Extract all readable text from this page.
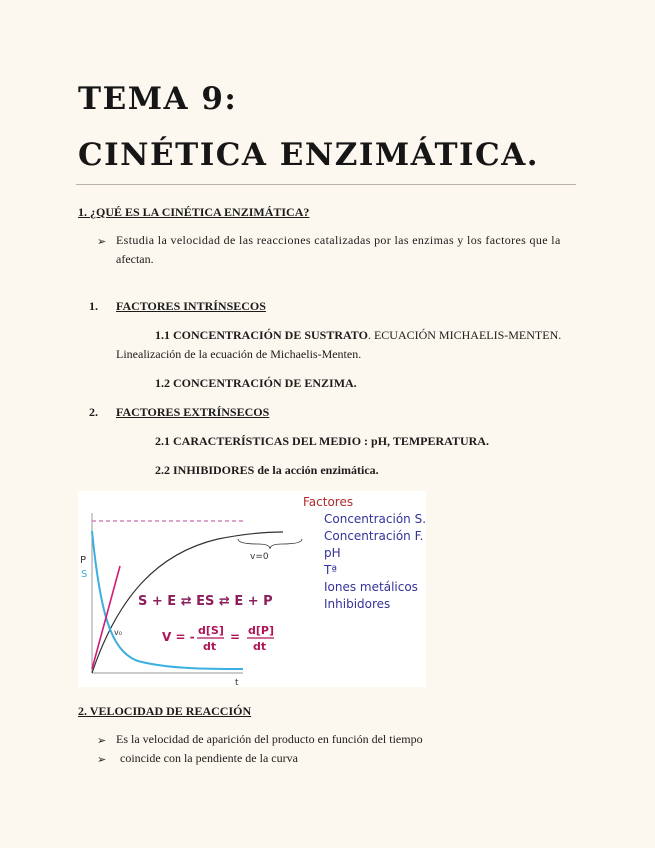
TEMA 9:
CINÉTICA ENZIMÁTICA.
1. ¿QUÉ ES LA CINÉTICA ENZIMÁTICA?
➢ Estudia la velocidad de las reacciones catalizadas por las enzimas y los factores que la
afectan.
1. FACTORES INTRÍNSECOS
1.1 CONCENTRACIÓN DE SUSTRATO. ECUACIÓN MICHAELIS-MENTEN.
Linealización de la ecuación de Michaelis-Menten.
1.2 CONCENTRACIÓN DE ENZIMA.
2. FACTORES EXTRÍNSECOS
2.1 CARACTERÍSTICAS DEL MEDIO : pH, TEMPERATURA.
2.2 INHIBIDORES de la acción enzimática.
P
S
v=0
v₀
t
S + E ⇄ ES ⇄ E + P
V = - d[S]
dt
= d[P]
dt
Factores
Concentración S.
Concentración F.
pH
Tª
Iones metálicos
Inhibidores
2. VELOCIDAD DE REACCIÓN
➢ Es la velocidad de aparición del producto en función del tiempo
➢ coincide con la pendiente de la curva
